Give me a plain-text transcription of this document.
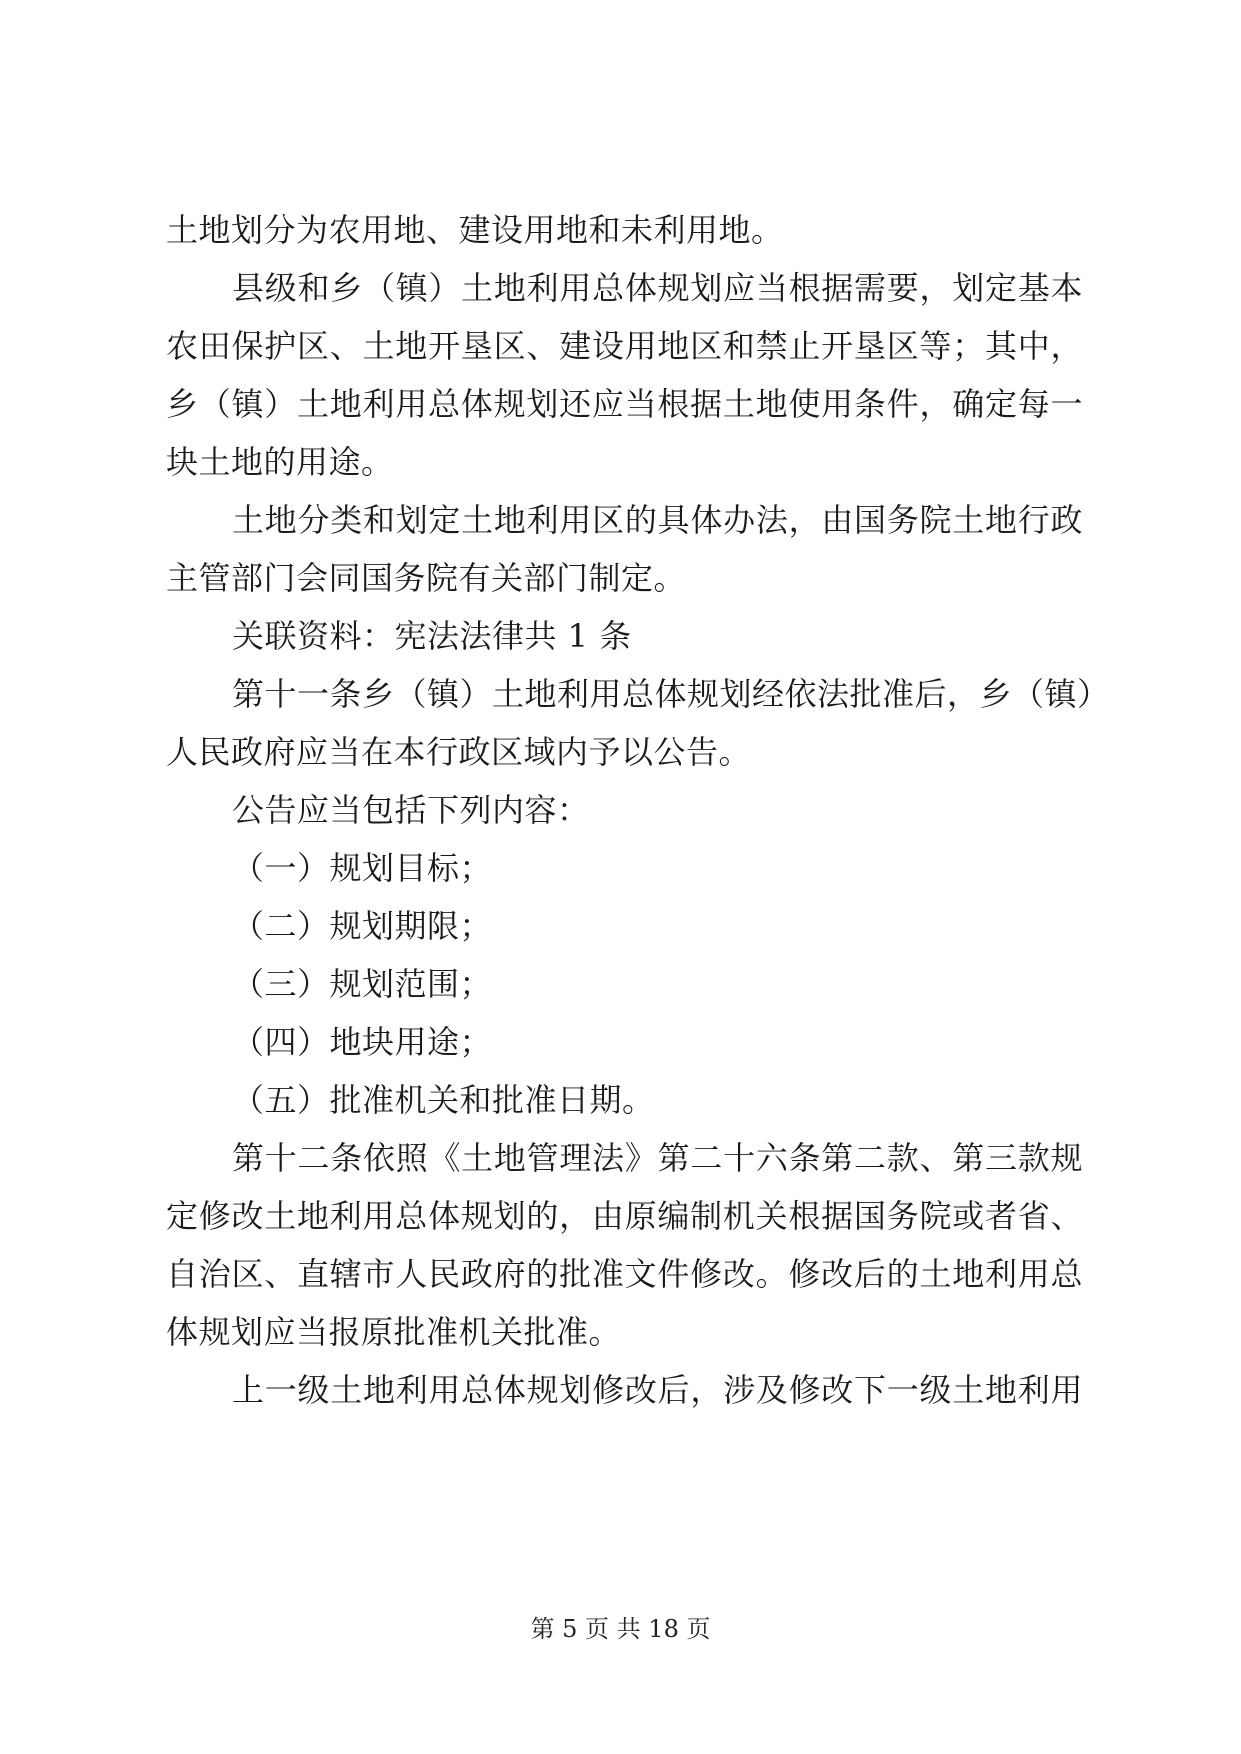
土地划分为农用地、建设用地和未利用地。
县级和乡（镇）土地利用总体规划应当根据需要，划定基本
农田保护区、土地开垦区、建设用地区和禁止开垦区等；其中，
乡（镇）土地利用总体规划还应当根据土地使用条件，确定每一
块土地的用途。
土地分类和划定土地利用区的具体办法，由国务院土地行政
主管部门会同国务院有关部门制定。
关联资料：宪法法律共 1 条
第十一条乡（镇）土地利用总体规划经依法批准后，乡（镇）
人民政府应当在本行政区域内予以公告。
公告应当包括下列内容：
（一）规划目标；
（二）规划期限；
（三）规划范围；
（四）地块用途；
（五）批准机关和批准日期。
第十二条依照《土地管理法》第二十六条第二款、第三款规
定修改土地利用总体规划的，由原编制机关根据国务院或者省、
自治区、直辖市人民政府的批准文件修改。修改后的土地利用总
体规划应当报原批准机关批准。
上一级土地利用总体规划修改后，涉及修改下一级土地利用
第 5 页 共 18 页
